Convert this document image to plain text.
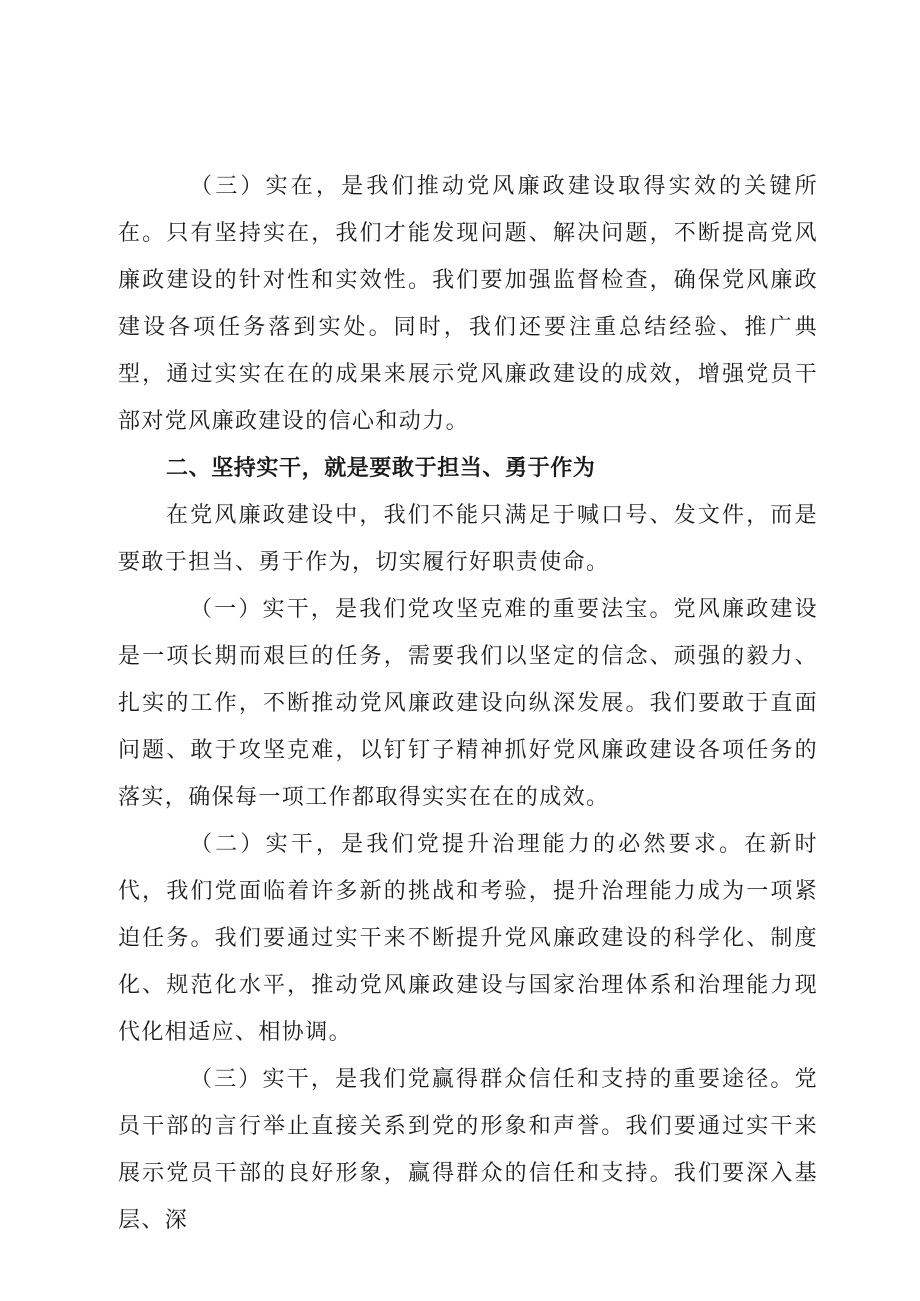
（三）实在，是我们推动党风廉政建设取得实效的关键所在。只有坚持实在，我们才能发现问题、解决问题，不断提高党风廉政建设的针对性和实效性。我们要加强监督检查，确保党风廉政建设各项任务落到实处。同时，我们还要注重总结经验、推广典型，通过实实在在的成果来展示党风廉政建设的成效，增强党员干部对党风廉政建设的信心和动力。

二、坚持实干，就是要敢于担当、勇于作为

在党风廉政建设中，我们不能只满足于喊口号、发文件，而是要敢于担当、勇于作为，切实履行好职责使命。

（一）实干，是我们党攻坚克难的重要法宝。党风廉政建设是一项长期而艰巨的任务，需要我们以坚定的信念、顽强的毅力、扎实的工作，不断推动党风廉政建设向纵深发展。我们要敢于直面问题、敢于攻坚克难，以钉钉子精神抓好党风廉政建设各项任务的落实，确保每一项工作都取得实实在在的成效。

（二）实干，是我们党提升治理能力的必然要求。在新时代，我们党面临着许多新的挑战和考验，提升治理能力成为一项紧迫任务。我们要通过实干来不断提升党风廉政建设的科学化、制度化、规范化水平，推动党风廉政建设与国家治理体系和治理能力现代化相适应、相协调。

（三）实干，是我们党赢得群众信任和支持的重要途径。党员干部的言行举止直接关系到党的形象和声誉。我们要通过实干来展示党员干部的良好形象，赢得群众的信任和支持。我们要深入基层、深
